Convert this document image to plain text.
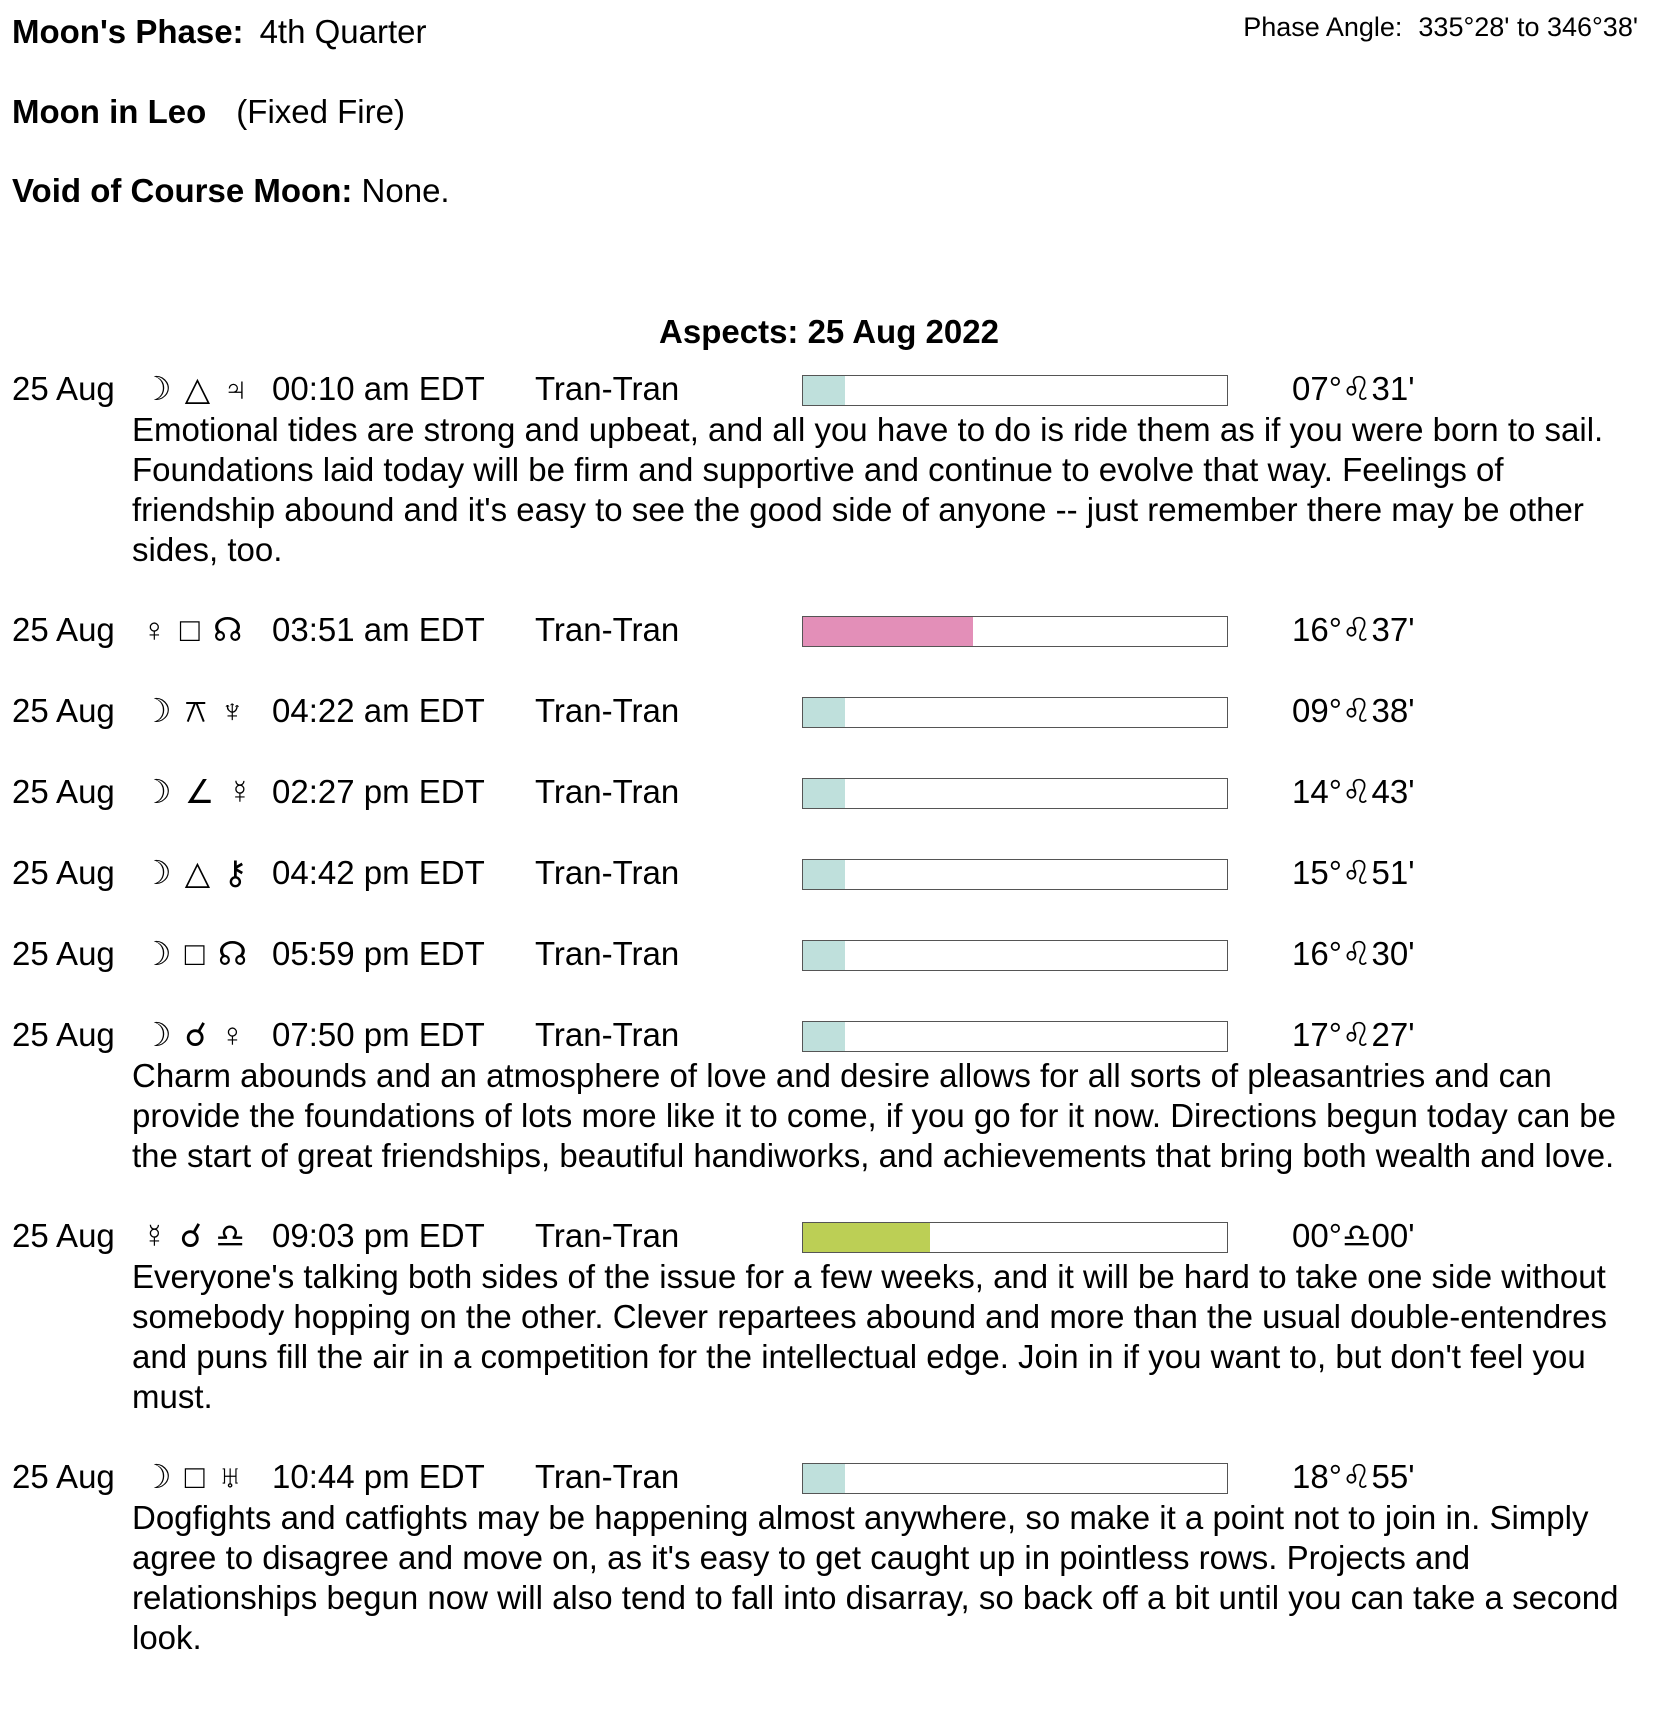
Moon's Phase: 4th Quarter	Phase Angle: 335°28' to 346°38'
Moon in Leo (Fixed Fire)
Void of Course Moon: None.
Aspects: 25 Aug 2022
25 Aug ☽ △ ♃ 00:10 am EDT Tran-Tran	07°♌31'
Emotional tides are strong and upbeat, and all you have to do is ride them as if you were born to sail. Foundations laid today will be firm and supportive and continue to evolve that way. Feelings of friendship abound and it's easy to see the good side of anyone -- just remember there may be other sides, too.
25 Aug ♀ □ ☊ 03:51 am EDT Tran-Tran	16°♌37'
25 Aug ☽ ⚻ ♆ 04:22 am EDT Tran-Tran	09°♌38'
25 Aug ☽ ∠ ☿ 02:27 pm EDT Tran-Tran	14°♌43'
25 Aug ☽ △ ⚷ 04:42 pm EDT Tran-Tran	15°♌51'
25 Aug ☽ □ ☊ 05:59 pm EDT Tran-Tran	16°♌30'
25 Aug ☽ ☌ ♀ 07:50 pm EDT Tran-Tran	17°♌27'
Charm abounds and an atmosphere of love and desire allows for all sorts of pleasantries and can provide the foundations of lots more like it to come, if you go for it now. Directions begun today can be the start of great friendships, beautiful handiworks, and achievements that bring both wealth and love.
25 Aug ☿ ☌ ♎ 09:03 pm EDT Tran-Tran	00°♎00'
Everyone's talking both sides of the issue for a few weeks, and it will be hard to take one side without somebody hopping on the other. Clever repartees abound and more than the usual double-entendres and puns fill the air in a competition for the intellectual edge. Join in if you want to, but don't feel you must.
25 Aug ☽ □ ♅ 10:44 pm EDT Tran-Tran	18°♌55'
Dogfights and catfights may be happening almost anywhere, so make it a point not to join in. Simply agree to disagree and move on, as it's easy to get caught up in pointless rows. Projects and relationships begun now will also tend to fall into disarray, so back off a bit until you can take a second look.
